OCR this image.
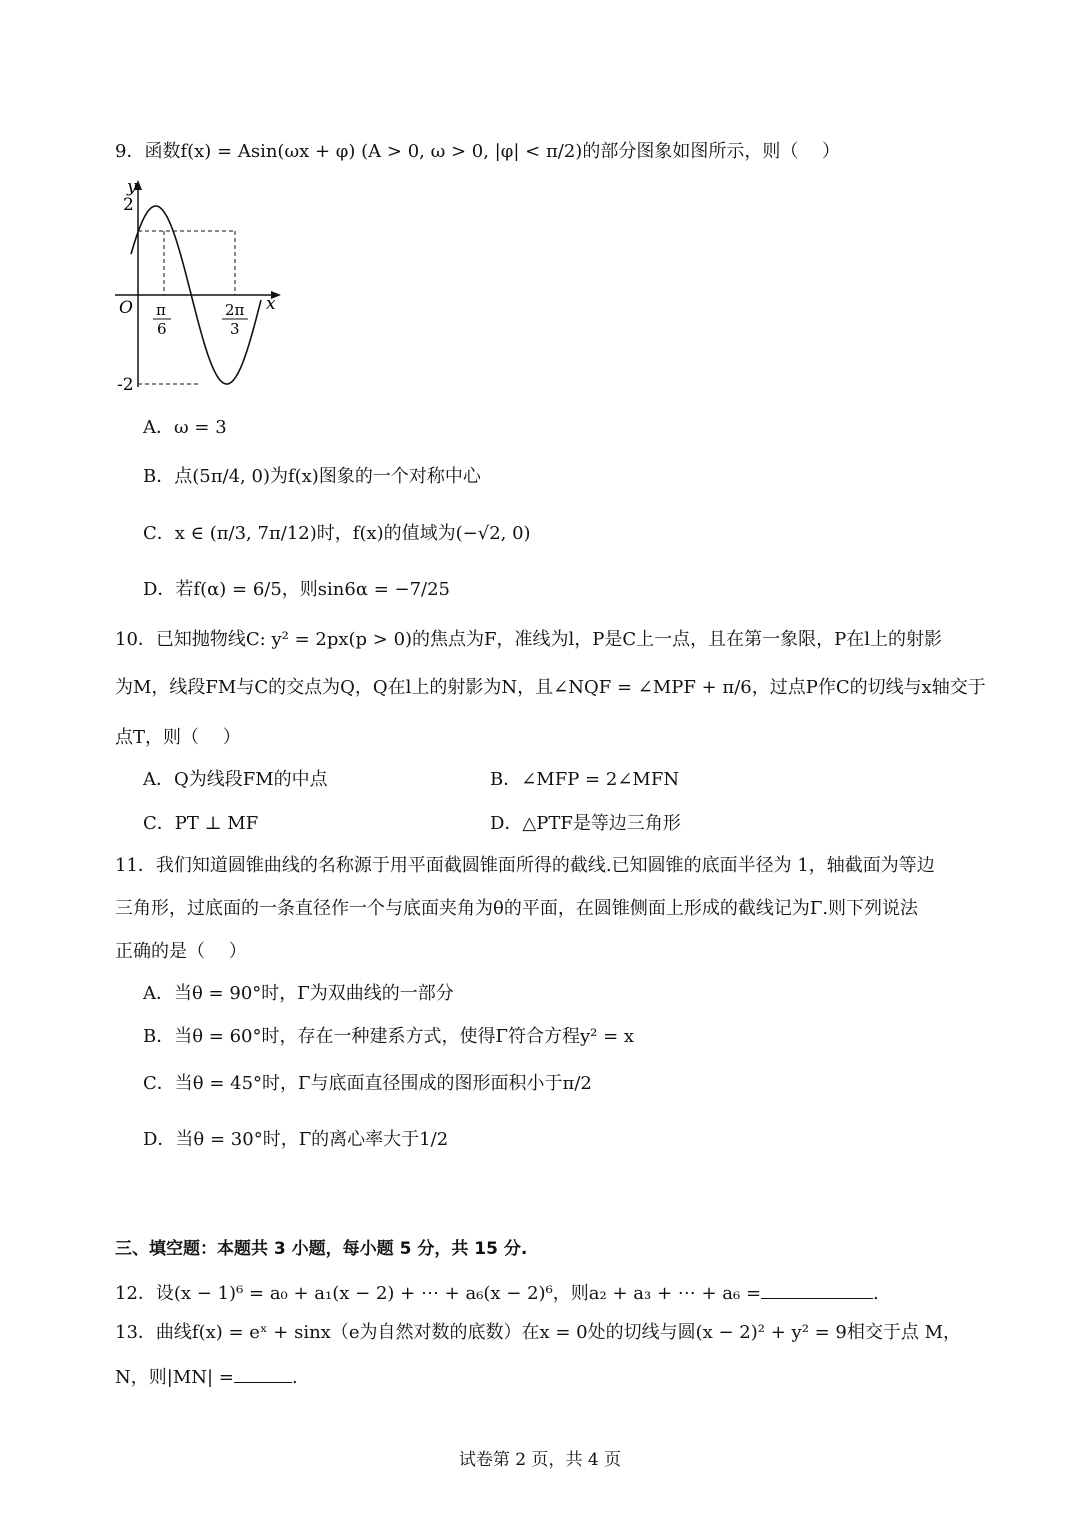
9．函数f(x) = Asin(ωx + φ) (A > 0, ω > 0, |φ| < π/2)的部分图象如图所示，则（　 ）
y
x
O
2
-2
π
6
2π
3
A．ω = 3
B．点(5π/4, 0)为f(x)图象的一个对称中心
C．x ∈ (π/3, 7π/12)时，f(x)的值域为(−√2, 0)
D．若f(α) = 6/5，则sin6α = −7/25
10．已知抛物线C: y² = 2px(p > 0)的焦点为F，准线为l，P是C上一点，且在第一象限，P在l上的射影
为M，线段FM与C的交点为Q，Q在l上的射影为N，且∠NQF = ∠MPF + π/6，过点P作C的切线与x轴交于
点T，则（　 ）
A．Q为线段FM的中点	B．∠MFP = 2∠MFN
C．PT ⊥ MF	D．△PTF是等边三角形
11．我们知道圆锥曲线的名称源于用平面截圆锥面所得的截线.已知圆锥的底面半径为 1，轴截面为等边
三角形，过底面的一条直径作一个与底面夹角为θ的平面，在圆锥侧面上形成的截线记为Γ.则下列说法
正确的是（　 ）
A．当θ = 90°时，Γ为双曲线的一部分
B．当θ = 60°时，存在一种建系方式，使得Γ符合方程y² = x
C．当θ = 45°时，Γ与底面直径围成的图形面积小于π/2
D．当θ = 30°时，Γ的离心率大于1/2
三、填空题：本题共 3 小题，每小题 5 分，共 15 分.
12．设(x − 1)⁶ = a₀ + a₁(x − 2) + ⋯ + a₆(x − 2)⁶，则a₂ + a₃ + ⋯ + a₆ =	.
13．曲线f(x) = eˣ + sinx（e为自然对数的底数）在x = 0处的切线与圆(x − 2)² + y² = 9相交于点 M，
N，则|MN| =	.
试卷第 2 页，共 4 页
